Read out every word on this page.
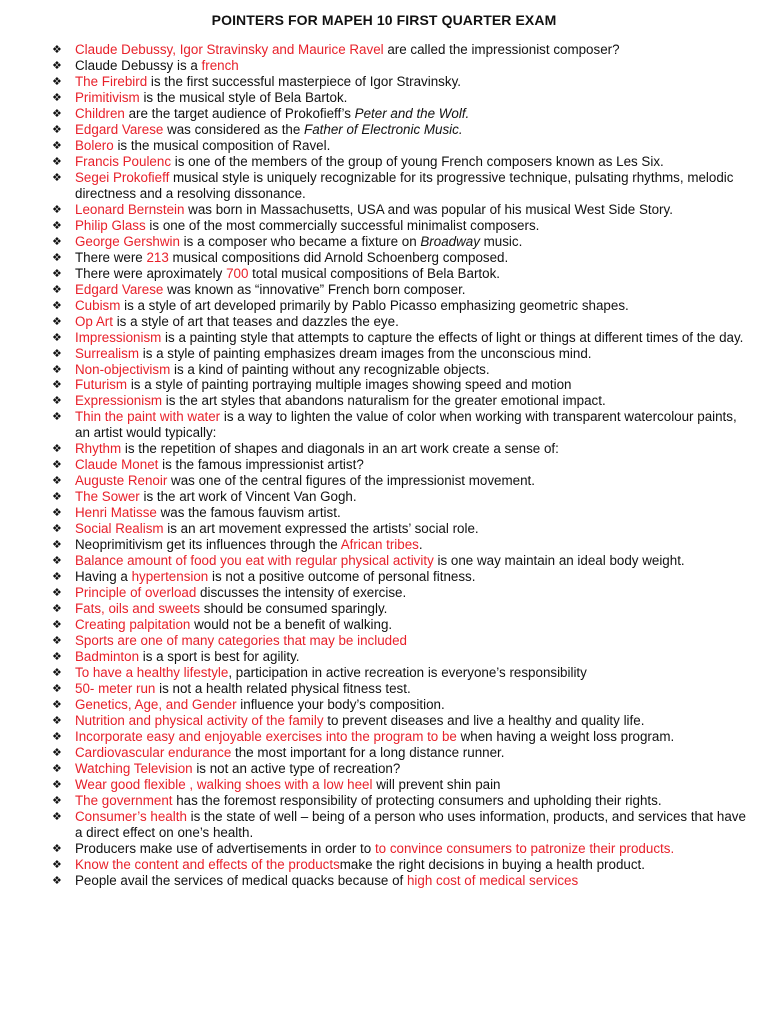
POINTERS FOR MAPEH 10 FIRST QUARTER EXAM
❖ Claude Debussy, Igor Stravinsky and Maurice Ravel are called the impressionist composer?
❖ Claude Debussy is a french
❖ The Firebird is the first successful masterpiece of Igor Stravinsky.
❖ Primitivism is the musical style of Bela Bartok.
❖ Children are the target audience of Prokofieff’s Peter and the Wolf.
❖ Edgard Varese was considered as the Father of Electronic Music.
❖ Bolero is the musical composition of Ravel.
❖ Francis Poulenc is one of the members of the group of young French composers known as Les Six.
❖ Segei Prokofieff musical style is uniquely recognizable for its progressive technique, pulsating rhythms, melodic directness and a resolving dissonance.
❖ Leonard Bernstein was born in Massachusetts, USA and was popular of his musical West Side Story.
❖ Philip Glass is one of the most commercially successful minimalist composers.
❖ George Gershwin is a composer who became a fixture on Broadway music.
❖ There were 213 musical compositions did Arnold Schoenberg composed.
❖ There were aproximately 700 total musical compositions of Bela Bartok.
❖ Edgard Varese was known as “innovative” French born composer.
❖ Cubism is a style of art developed primarily by Pablo Picasso emphasizing geometric shapes.
❖ Op Art is a style of art that teases and dazzles the eye.
❖ Impressionism is a painting style that attempts to capture the effects of light or things at different times of the day.
❖ Surrealism is a style of painting emphasizes dream images from the unconscious mind.
❖ Non-objectivism is a kind of painting without any recognizable objects.
❖ Futurism is a style of painting portraying multiple images showing speed and motion
❖ Expressionism is the art styles that abandons naturalism for the greater emotional impact.
❖ Thin the paint with water is a way to lighten the value of color when working with transparent watercolour paints, an artist would typically:
❖ Rhythm is the repetition of shapes and diagonals in an art work create a sense of:
❖ Claude Monet is the famous impressionist artist?
❖ Auguste Renoir was one of the central figures of the impressionist movement.
❖ The Sower is the art work of Vincent Van Gogh.
❖ Henri Matisse was the famous fauvism artist.
❖ Social Realism is an art movement expressed the artists’ social role.
❖ Neoprimitivism get its influences through the African tribes.
❖ Balance amount of food you eat with regular physical activity is one way maintain an ideal body weight.
❖ Having a hypertension is not a positive outcome of personal fitness.
❖ Principle of overload discusses the intensity of exercise.
❖ Fats, oils and sweets should be consumed sparingly.
❖ Creating palpitation would not be a benefit of walking.
❖ Sports are one of many categories that may be included
❖ Badminton is a sport is best for agility.
❖ To have a healthy lifestyle, participation in active recreation is everyone’s responsibility
❖ 50- meter run is not a health related physical fitness test.
❖ Genetics, Age, and Gender influence your body’s composition.
❖ Nutrition and physical activity of the family to prevent diseases and live a healthy and quality life.
❖ Incorporate easy and enjoyable exercises into the program to be when having a weight loss program.
❖ Cardiovascular endurance the most important for a long distance runner.
❖ Watching Television is not an active type of recreation?
❖ Wear good flexible , walking shoes with a low heel will prevent shin pain
❖ The government has the foremost responsibility of protecting consumers and upholding their rights.
❖ Consumer’s health is the state of well – being of a person who uses information, products, and services that have a direct effect on one’s health.
❖ Producers make use of advertisements in order to to convince consumers to patronize their products.
❖ Know the content and effects of the productsmake the right decisions in buying a health product.
❖ People avail the services of medical quacks because of high cost of medical services
